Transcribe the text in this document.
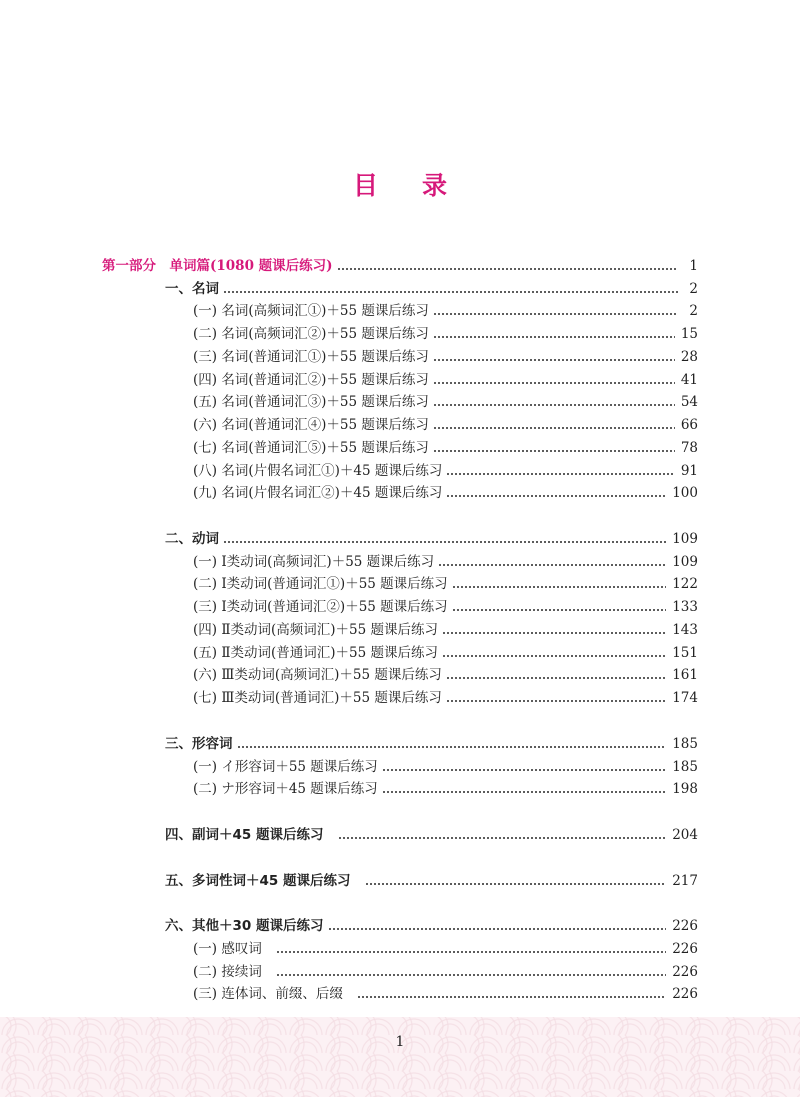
目 录
第一部分　单词篇(1080 题课后练习)	1
一、名词	2
(一) 名词(高频词汇①)＋55 题课后练习	2
(二) 名词(高频词汇②)＋55 题课后练习	15
(三) 名词(普通词汇①)＋55 题课后练习	28
(四) 名词(普通词汇②)＋55 题课后练习	41
(五) 名词(普通词汇③)＋55 题课后练习	54
(六) 名词(普通词汇④)＋55 题课后练习	66
(七) 名词(普通词汇⑤)＋55 题课后练习	78
(八) 名词(片假名词汇①)＋45 题课后练习	91
(九) 名词(片假名词汇②)＋45 题课后练习	100
二、动词	109
(一) Ⅰ类动词(高频词汇)＋55 题课后练习	109
(二) Ⅰ类动词(普通词汇①)＋55 题课后练习	122
(三) Ⅰ类动词(普通词汇②)＋55 题课后练习	133
(四) Ⅱ类动词(高频词汇)＋55 题课后练习	143
(五) Ⅱ类动词(普通词汇)＋55 题课后练习	151
(六) Ⅲ类动词(高频词汇)＋55 题课后练习	161
(七) Ⅲ类动词(普通词汇)＋55 题课后练习	174
三、形容词	185
(一) イ形容词＋55 题课后练习	185
(二) ナ形容词＋45 题课后练习	198
四、副词＋45 题课后练习	204
五、多词性词＋45 题课后练习	217
六、其他＋30 题课后练习	226
(一) 感叹词	226
(二) 接续词	226
(三) 连体词、前缀、后缀	226
1
